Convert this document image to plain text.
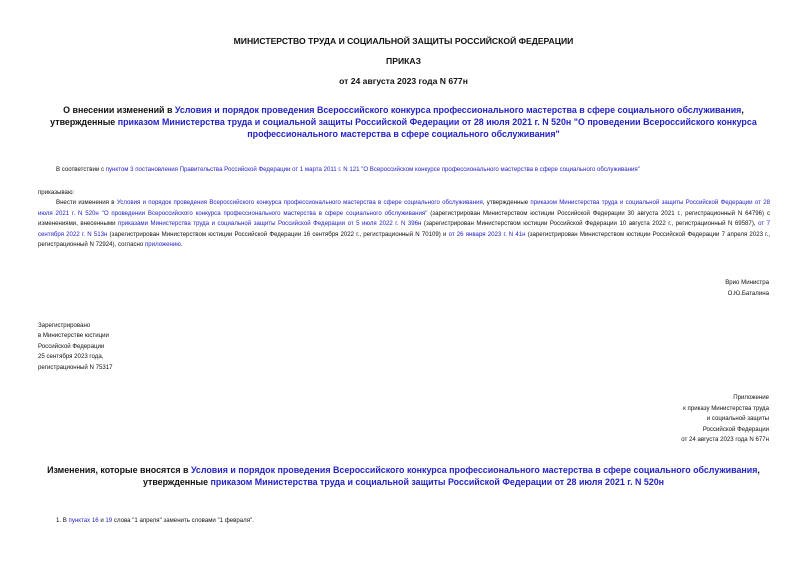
МИНИСТЕРСТВО ТРУДА И СОЦИАЛЬНОЙ ЗАЩИТЫ РОССИЙСКОЙ ФЕДЕРАЦИИ
ПРИКАЗ
от 24 августа 2023 года N 677н
О внесении изменений в Условия и порядок проведения Всероссийского конкурса профессионального мастерства в сфере социального обслуживания, утвержденные приказом Министерства труда и социальной защиты Российской Федерации от 28 июля 2021 г. N 520н "О проведении Всероссийского конкурса профессионального мастерства в сфере социального обслуживания"
В соответствии с пунктом 3 постановления Правительства Российской Федерации от 1 марта 2011 г. N 121 "О Всероссийском конкурсе профессионального мастерства в сфере социального обслуживания"
приказываю:
Внести изменения в Условия и порядок проведения Всероссийского конкурса профессионального мастерства в сфере социального обслуживания, утвержденные приказом Министерства труда и социальной защиты Российской Федерации от 28 июля 2021 г. N 520н "О проведении Всероссийского конкурса профессионального мастерства в сфере социального обслуживания" (зарегистрирован Министерством юстиции Российской Федерации 30 августа 2021 г., регистрационный N 64796) с изменениями, внесенными приказами Министерства труда и социальной защиты Российской Федерации от 5 июля 2022 г. N 396н (зарегистрирован Министерством юстиции Российской Федерации 10 августа 2022 г., регистрационный N 69587), от 7 сентября 2022 г. N 513н (зарегистрирован Министерством юстиции Российской Федерации 16 сентября 2022 г., регистрационный N 70109) и от 26 января 2023 г. N 41н (зарегистрирован Министерством юстиции Российской Федерации 7 апреля 2023 г., регистрационный N 72924), согласно приложению.
Врио Министра
О.Ю.Баталина
Зарегистрировано
в Министерстве юстиции
Российской Федерации
25 сентября 2023 года,
регистрационный N 75317
Приложение
к приказу Министерства труда
и социальной защиты
Российской Федерации
от 24 августа 2023 года N 677н
Изменения, которые вносятся в Условия и порядок проведения Всероссийского конкурса профессионального мастерства в сфере социального обслуживания, утвержденные приказом Министерства труда и социальной защиты Российской Федерации от 28 июля 2021 г. N 520н
1. В пунктах 16 и 19 слова "1 апреля" заменить словами "1 февраля".
